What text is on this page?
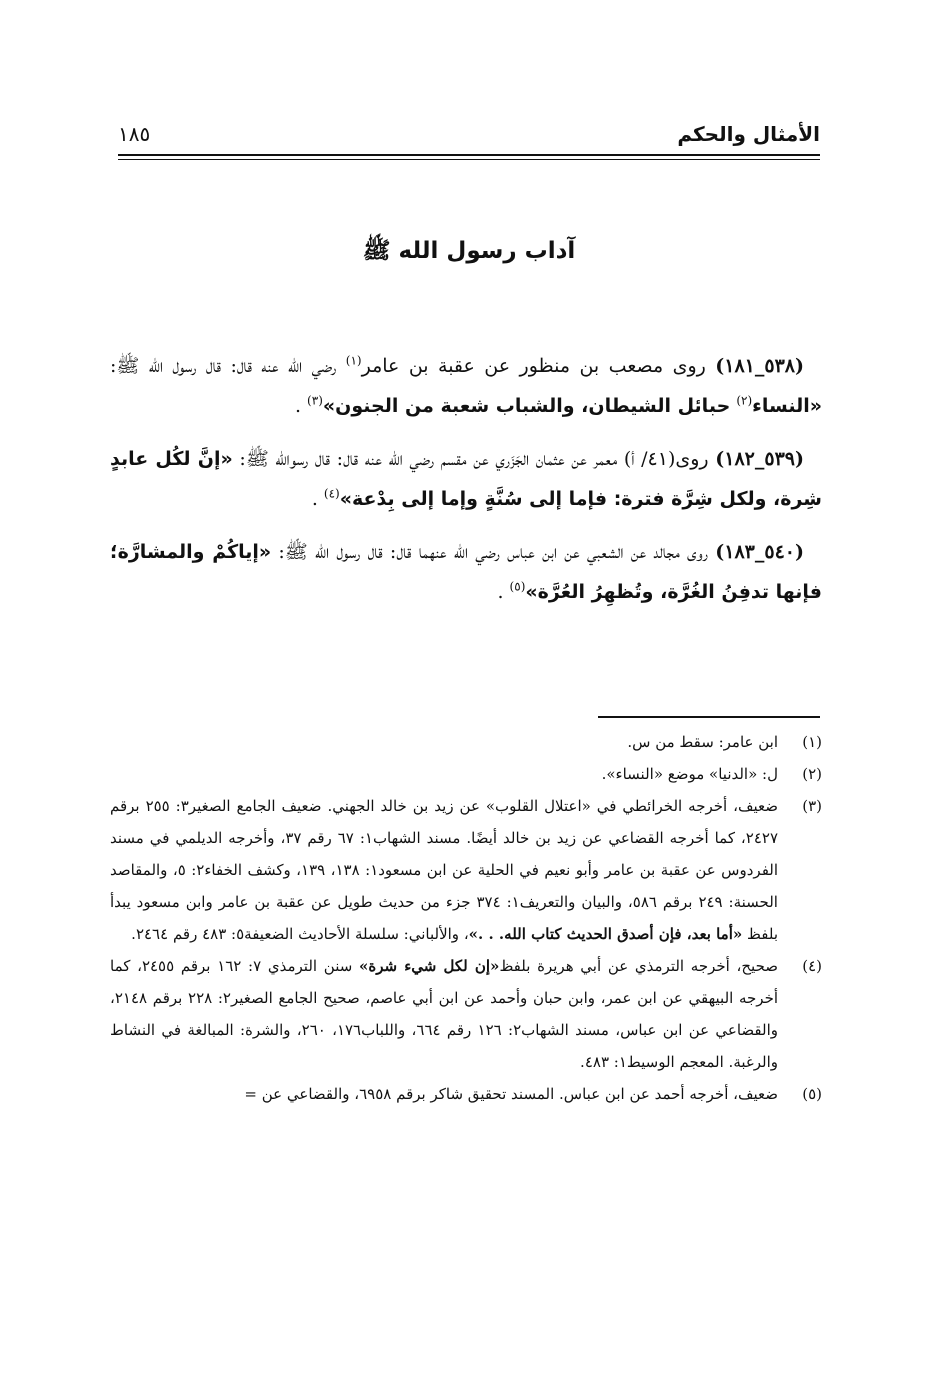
الأمثال والحكم
١٨٥
آداب رسول الله ﷺ

(٥٣٨_١٨١) روى مصعب بن منظور عن عقبة بن عامر$^{(١)}$ رضي الله عنه قال: قال رسول الله ﷺ: «النساء$^{(٢)}$ حبائل الشيطان، والشباب شعبة من الجنون»$^{(٣)}$ .

(٥٣٩_١٨٢) روى(٤١/ أ) معمر عن عثمان الجَزَري عن مقسم رضي الله عنه قال: قال رسوالله ﷺ: «إنَّ لكُل عابدٍ شِرة، ولكل شِرَّة فترة: فإما إلى سُنَّةٍ وإما إلى بِدْعة»$^{(٤)}$ .

(٥٤٠_١٨٣) روى مجالد عن الشعبي عن ابن عباس رضي الله عنهما قال: قال رسول الله ﷺ: «إياكُمْ والمشارَّة؛ فإنها تدفِنُ الغُرَّة، وتُظهِرُ العُرَّة»$^{(٥)}$ .

(١)
ابن عامر: سقط من س.

(٢)
ل: «الدنيا» موضع «النساء».

(٣)
ضعيف، أخرجه الخرائطي في «اعتلال القلوب» عن زيد بن خالد الجهني. ضعيف الجامع الصغير٣: ٢٥٥ برقم ٢٤٢٧، كما أخرجه القضاعي عن زيد بن خالد أيضًا. مسند الشهاب١: ٦٧ رقم ٣٧، وأخرجه الديلمي في مسند الفردوس عن عقبة بن عامر وأبو نعيم في الحلية عن ابن مسعود١: ١٣٨، ١٣٩، وكشف الخفاء٢: ٥، والمقاصد الحسنة: ٢٤٩ برقم ٥٨٦، والبيان والتعريف١: ٣٧٤ جزء من حديث طويل عن عقبة بن عامر وابن مسعود يبدأ بلفظ «أما بعد، فإن أصدق الحديث كتاب الله. . .»، والألباني: سلسلة الأحاديث الضعيفة٥: ٤٨٣ رقم ٢٤٦٤.

(٤)
صحيح، أخرجه الترمذي عن أبي هريرة بلفظ«إن لكل شيء شرة» سنن الترمذي ٧: ١٦٢ برقم ٢٤٥٥، كما أخرجه البيهقي عن ابن عمر، وابن حبان وأحمد عن ابن أبي عاصم، صحيح الجامع الصغير٢: ٢٢٨ برقم ٢١٤٨، والقضاعي عن ابن عباس، مسند الشهاب٢: ١٢٦ رقم ٦٦٤، واللباب١٧٦، ٢٦٠، والشرة: المبالغة في النشاط والرغبة. المعجم الوسيط١: ٤٨٣.

(٥)
ضعيف، أخرجه أحمد عن ابن عباس. المسند تحقيق شاكر برقم ٦٩٥٨، والقضاعي عن =
